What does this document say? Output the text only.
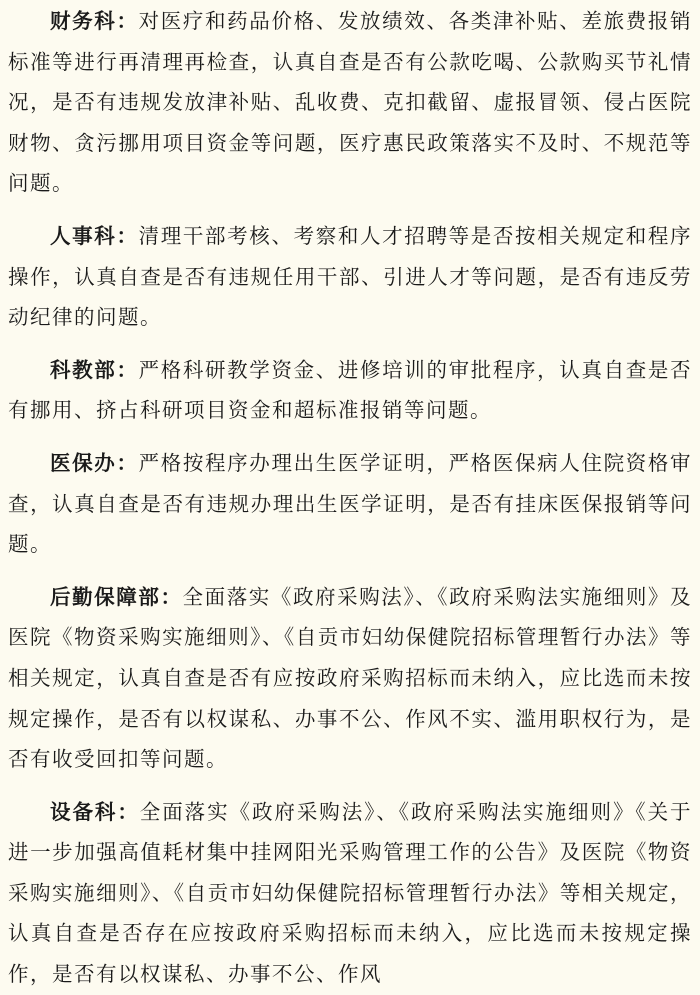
财务科：对医疗和药品价格、发放绩效、各类津补贴、差旅费报销标准等进行再清理再检查，认真自查是否有公款吃喝、公款购买节礼情况，是否有违规发放津补贴、乱收费、克扣截留、虚报冒领、侵占医院财物、贪污挪用项目资金等问题，医疗惠民政策落实不及时、不规范等问题。

人事科：清理干部考核、考察和人才招聘等是否按相关规定和程序操作，认真自查是否有违规任用干部、引进人才等问题，是否有违反劳动纪律的问题。

科教部：严格科研教学资金、进修培训的审批程序，认真自查是否有挪用、挤占科研项目资金和超标准报销等问题。

医保办：严格按程序办理出生医学证明，严格医保病人住院资格审查，认真自查是否有违规办理出生医学证明，是否有挂床医保报销等问题。

后勤保障部：全面落实《政府采购法》、《政府采购法实施细则》及医院《物资采购实施细则》、《自贡市妇幼保健院招标管理暂行办法》等相关规定，认真自查是否有应按政府采购招标而未纳入，应比选而未按规定操作，是否有以权谋私、办事不公、作风不实、滥用职权行为，是否有收受回扣等问题。

设备科：全面落实《政府采购法》、《政府采购法实施细则》《关于进一步加强高值耗材集中挂网阳光采购管理工作的公告》及医院《物资采购实施细则》、《自贡市妇幼保健院招标管理暂行办法》等相关规定，认真自查是否存在应按政府采购招标而未纳入，应比选而未按规定操作，是否有以权谋私、办事不公、作风
